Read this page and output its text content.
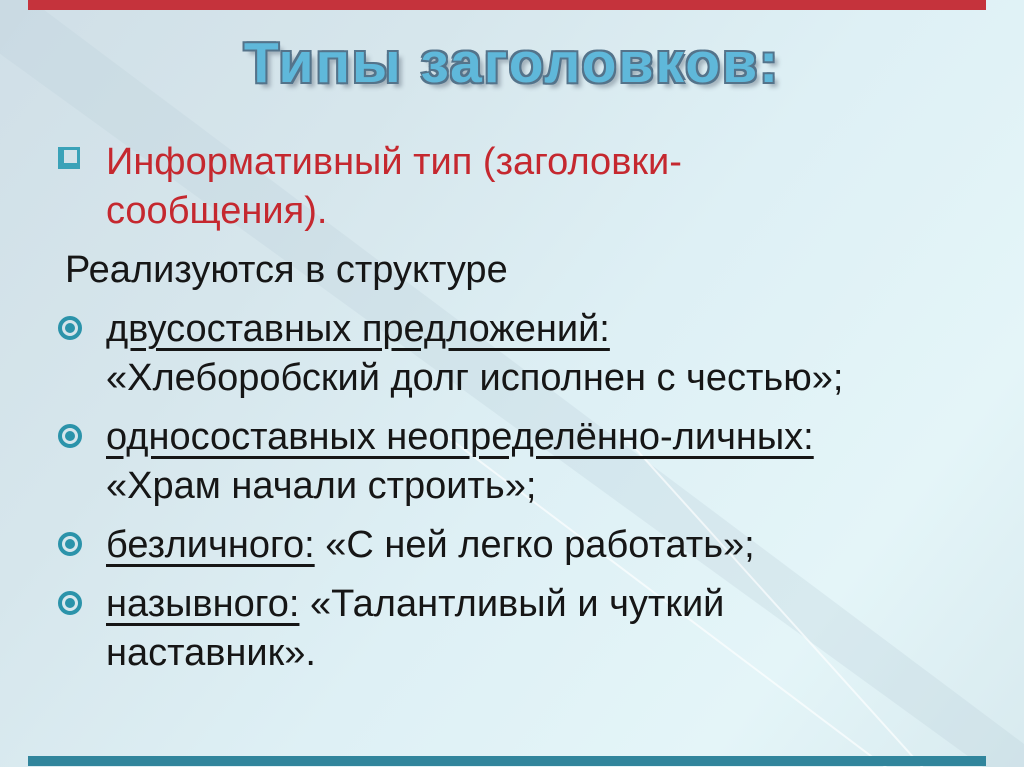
Типы заголовков:
Информативный тип (заголовки-
сообщения).

Реализуются в структуре

двусоставных предложений:
«Хлеборобский долг исполнен с честью»;
односоставных неопределённо-личных:
«Храм начали строить»;
безличного: «С ней легко работать»;
назывного: «Талантливый и чуткий
наставник».
